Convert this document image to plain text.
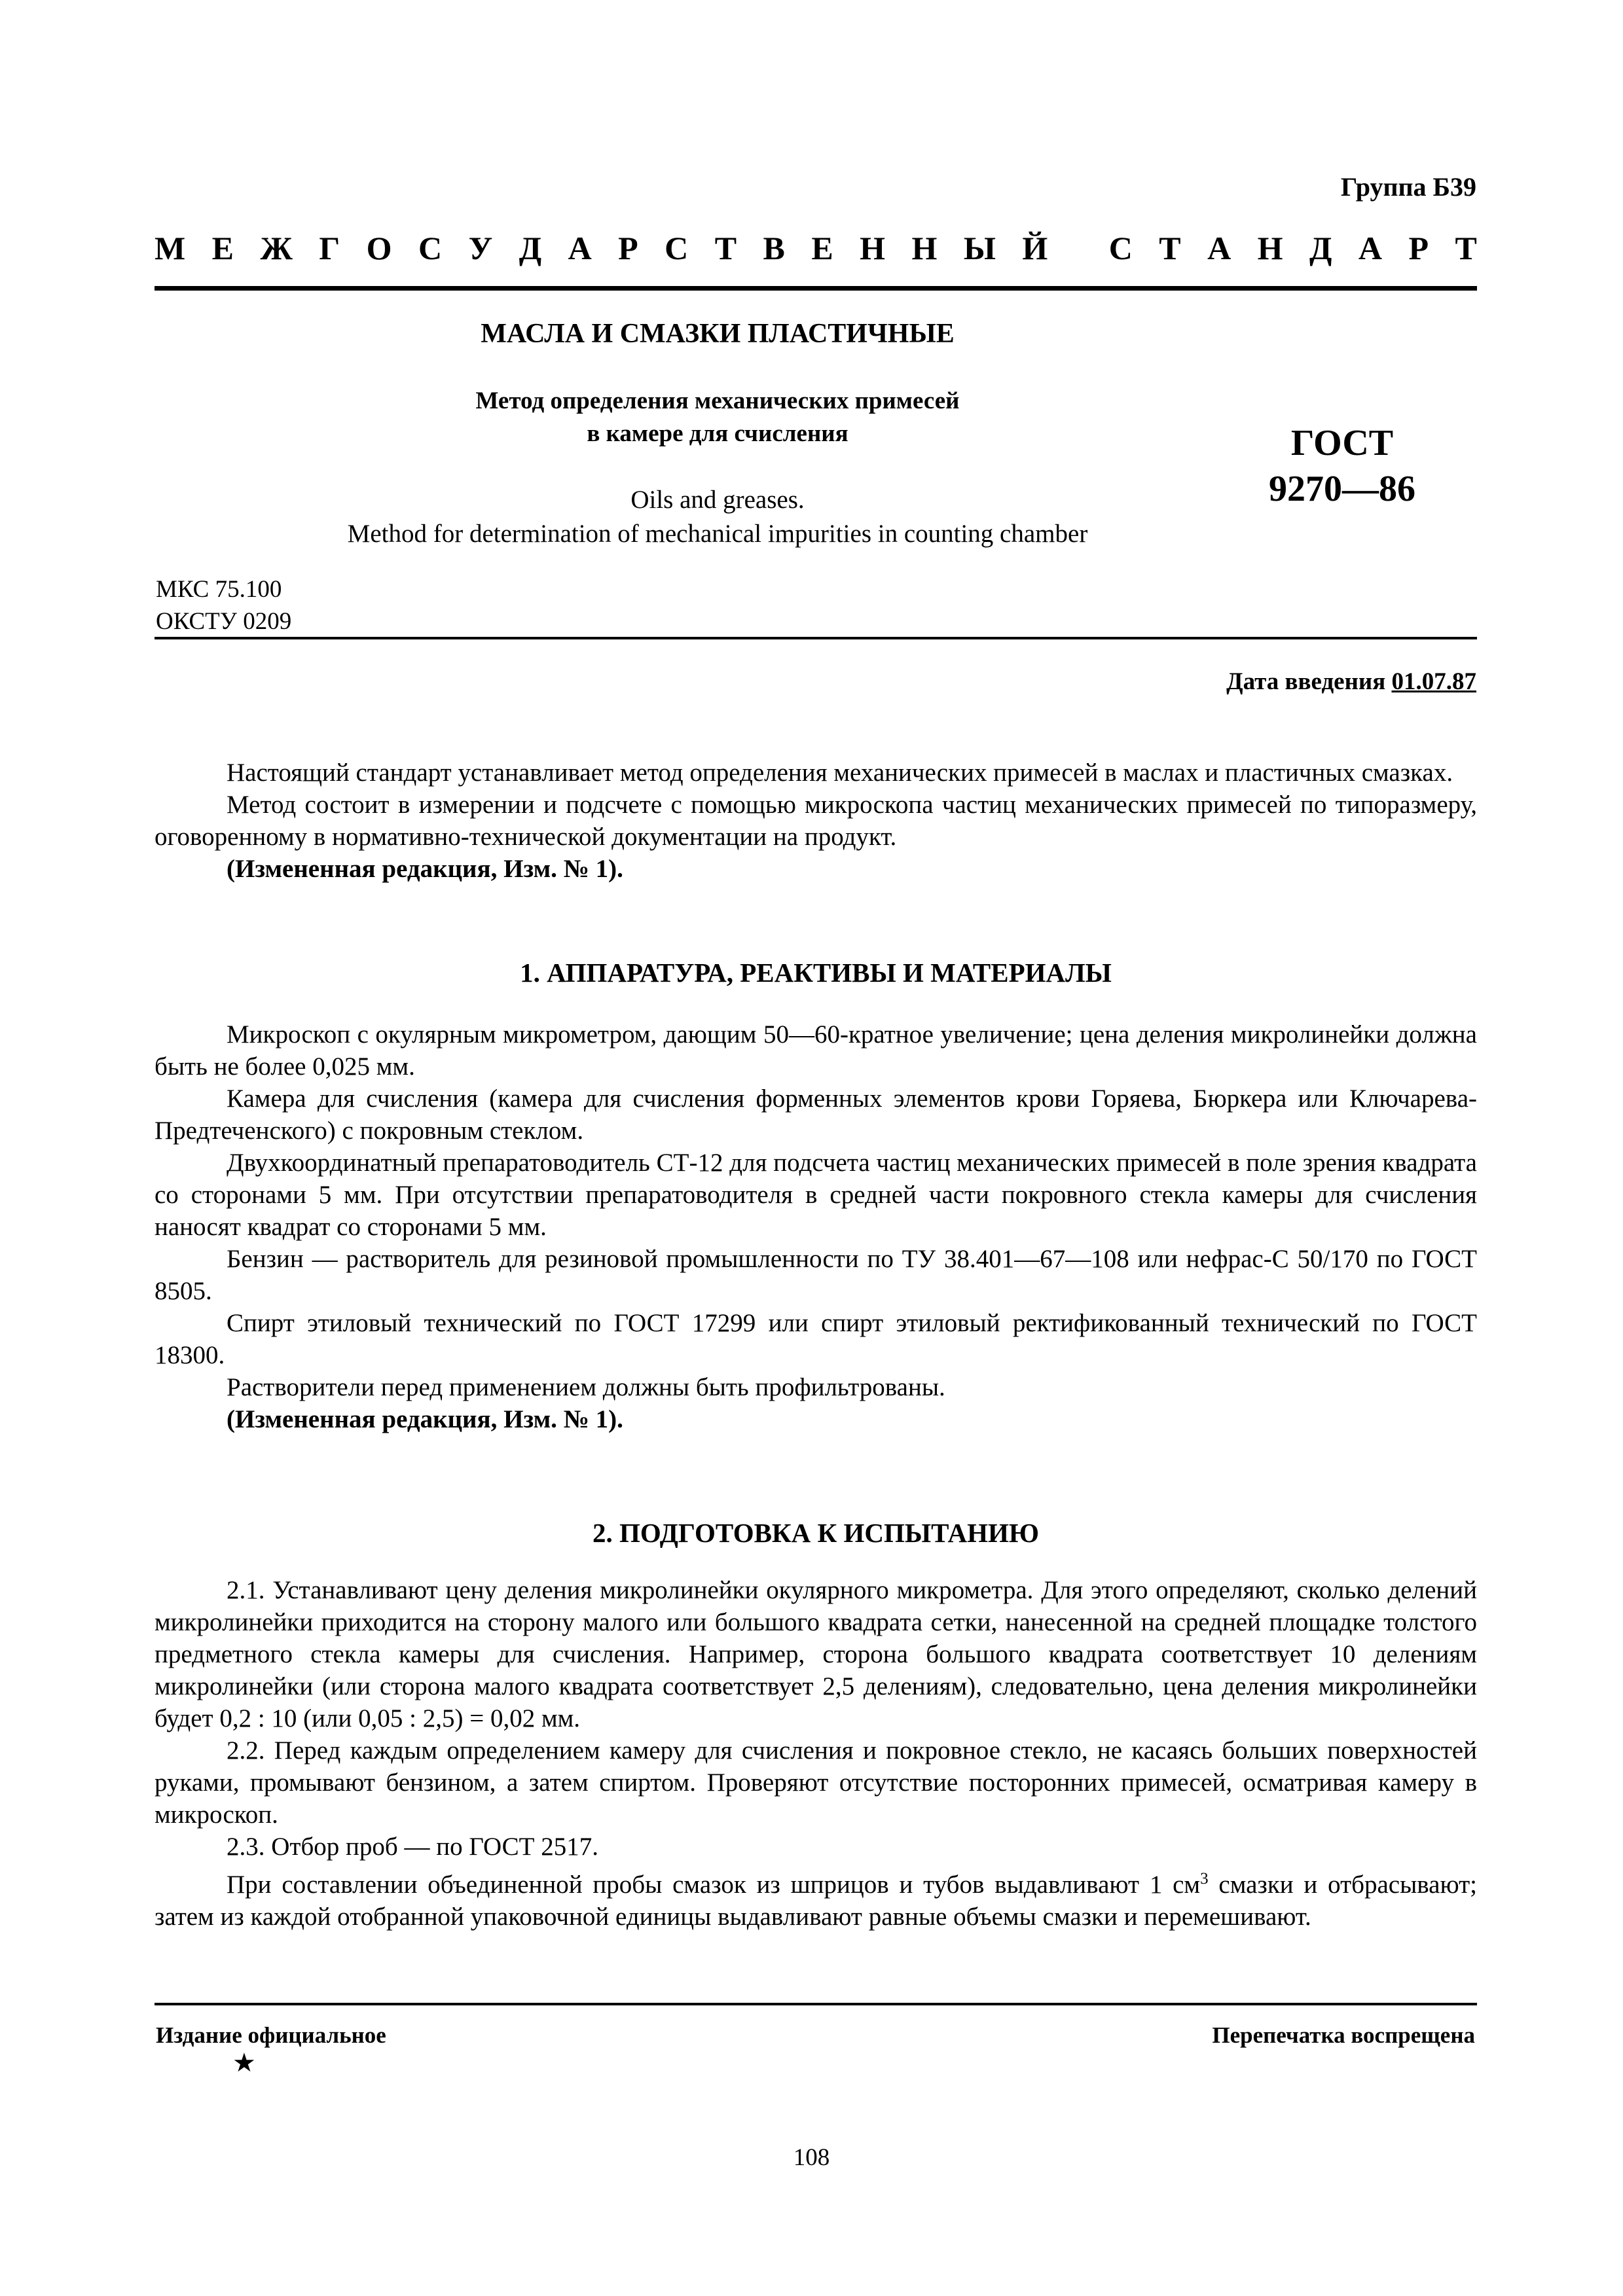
Группа Б39
М Е Ж Г О С У Д А Р С Т В Е Н Н Ы Й
С Т А Н Д А Р Т
МАСЛА И СМАЗКИ ПЛАСТИЧНЫЕ
Метод определения механических примесей
в камере для счисления
Oils and greases.
Method for determination of mechanical impurities in counting chamber
ГОСТ
9270—86
МКС 75.100
ОКСТУ 0209
Дата введения 01.07.87

Настоящий стандарт устанавливает метод определения механических примесей в маслах и пластичных смазках.

Метод состоит в измерении и подсчете с помощью микроскопа частиц механических примесей по типоразмеру, оговоренному в нормативно-технической документации на продукт.

(Измененная редакция, Изм. № 1).

1. АППАРАТУРА, РЕАКТИВЫ И МАТЕРИАЛЫ

Микроскоп с окулярным микрометром, дающим 50—60-кратное увеличение; цена деления микролинейки должна быть не более 0,025 мм.

Камера для счисления (камера для счисления форменных элементов крови Горяева, Бюркера или Ключарева-Предтеченского) с покровным стеклом.

Двухкоординатный препаратоводитель СТ-12 для подсчета частиц механических примесей в поле зрения квадрата со сторонами 5 мм. При отсутствии препаратоводителя в средней части покровного стекла камеры для счисления наносят квадрат со сторонами 5 мм.

Бензин — растворитель для резиновой промышленности по ТУ 38.401—67—108 или нефрас-С 50/170 по ГОСТ 8505.

Спирт этиловый технический по ГОСТ 17299 или спирт этиловый ректификованный технический по ГОСТ 18300.

Растворители перед применением должны быть профильтрованы.

(Измененная редакция, Изм. № 1).

2. ПОДГОТОВКА К ИСПЫТАНИЮ

2.1. Устанавливают цену деления микролинейки окулярного микрометра. Для этого определяют, сколько делений микролинейки приходится на сторону малого или большого квадрата сетки, нанесенной на средней площадке толстого предметного стекла камеры для счисления. Например, сторона большого квадрата соответствует 10 делениям микролинейки (или сторона малого квадрата соответствует 2,5 делениям), следовательно, цена деления микролинейки будет 0,2 : 10 (или 0,05 : 2,5) = 0,02 мм.

2.2. Перед каждым определением камеру для счисления и покровное стекло, не касаясь больших поверхностей руками, промывают бензином, а затем спиртом. Проверяют отсутствие посторонних примесей, осматривая камеру в микроскоп.

2.3. Отбор проб — по ГОСТ 2517.

При составлении объединенной пробы смазок из шприцов и тубов выдавливают 1 $см^3$ смазки и отбрасывают; затем из каждой отобранной упаковочной единицы выдавливают равные объемы смазки и перемешивают.

Издание официальное	Перепечатка воспрещена
★
108
